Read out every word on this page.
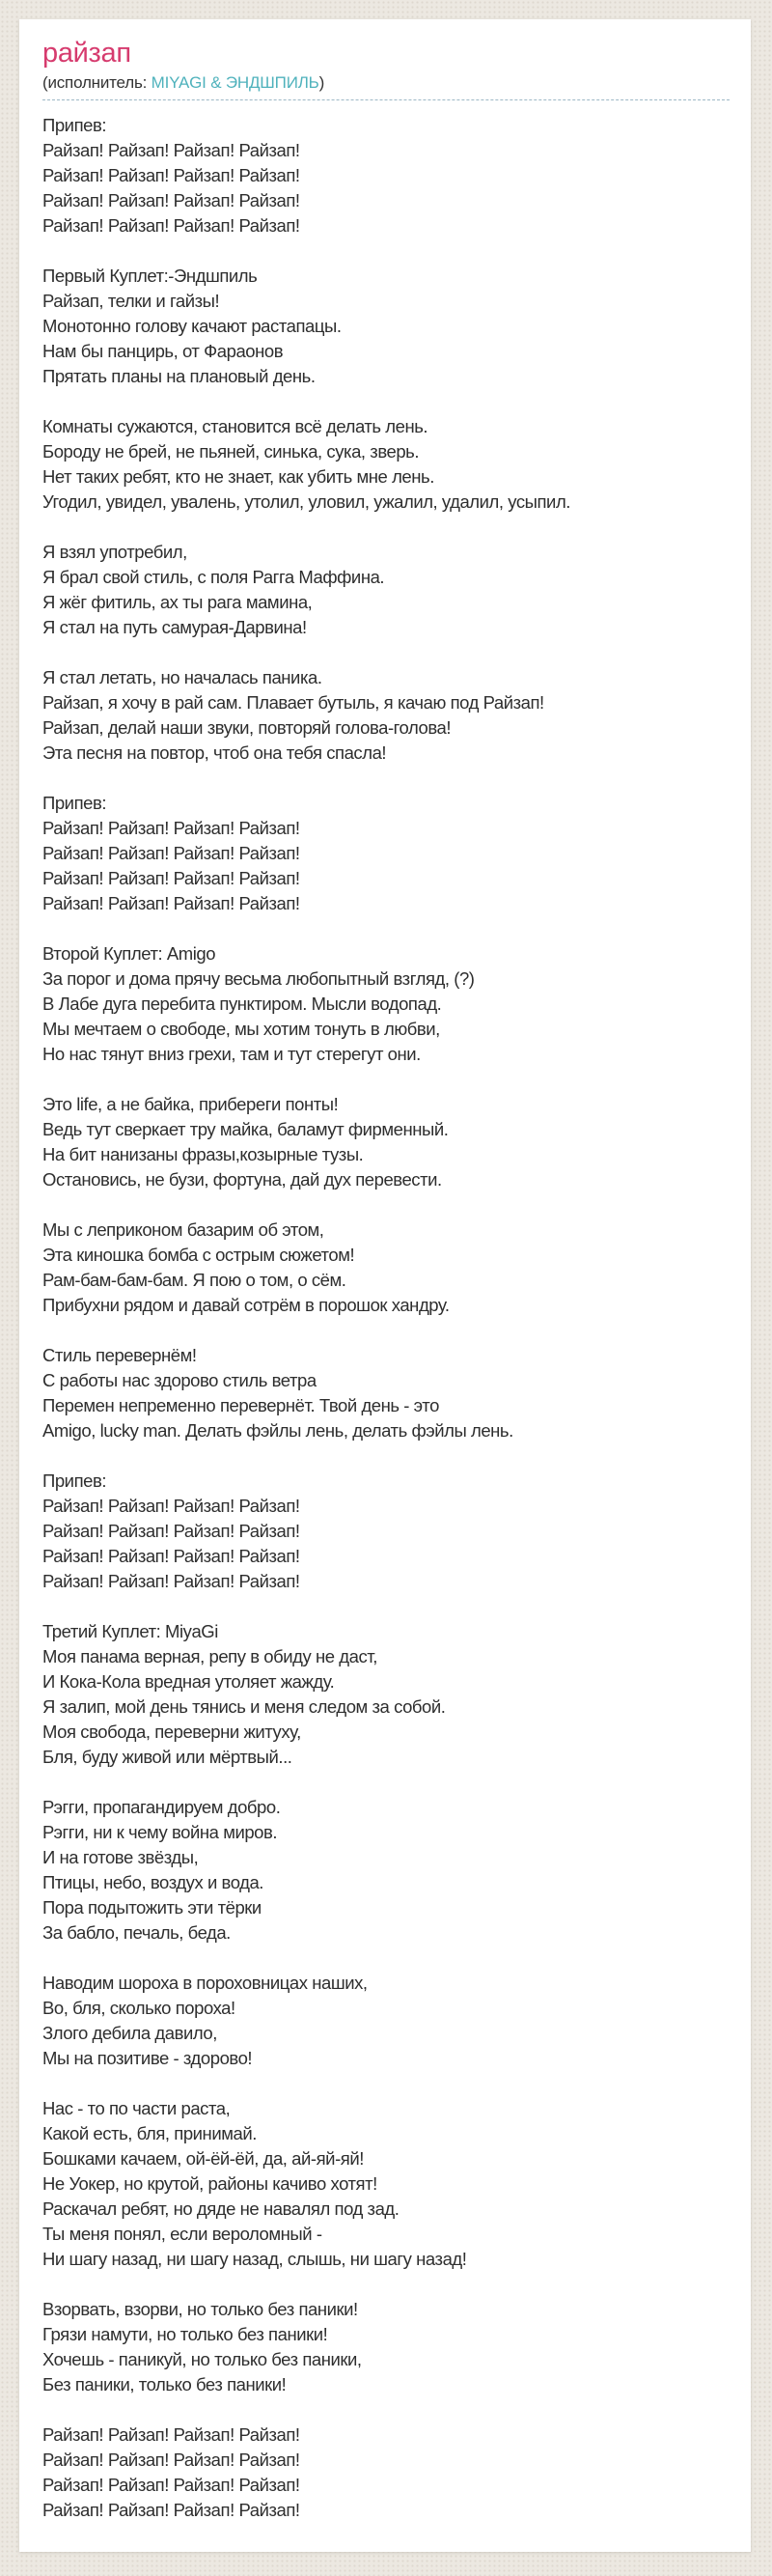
райзап
(исполнитель: MIYAGI & ЭНДШПИЛЬ)
Припев:
Райзап! Райзап! Райзап! Райзап!
Райзап! Райзап! Райзап! Райзап!
Райзап! Райзап! Райзап! Райзап!
Райзап! Райзап! Райзап! Райзап!
Первый Куплет:-Эндшпиль
Райзап, телки и гайзы!
Монотонно голову качают растапацы.
Нам бы панцирь, от Фараонов
Прятать планы на плановый день.
Комнаты сужаются, становится всё делать лень.
Бороду не брей, не пьяней, синька, сука, зверь.
Нет таких ребят, кто не знает, как убить мне лень.
Угодил, увидел, увалень, утолил, уловил, ужалил, удалил, усыпил.
Я взял употребил,
Я брал свой стиль, с поля Рагга Маффина.
Я жёг фитиль, ах ты рага мамина,
Я стал на путь самурая-Дарвина!
Я стал летать, но началась паника.
Райзап, я хочу в рай сам. Плавает бутыль, я качаю под Райзап!
Райзап, делай наши звуки, повторяй голова-голова!
Эта песня на повтор, чтоб она тебя спасла!
Припев:
Райзап! Райзап! Райзап! Райзап!
Райзап! Райзап! Райзап! Райзап!
Райзап! Райзап! Райзап! Райзап!
Райзап! Райзап! Райзап! Райзап!
Второй Куплет: Amigo
За порог и дома прячу весьма любопытный взгляд, (?)
В Лабе дуга перебита пунктиром. Мысли водопад.
Мы мечтаем о свободе, мы хотим тонуть в любви,
Но нас тянут вниз грехи, там и тут стерегут они.
Это life, а не байка, прибереги понты!
Ведь тут сверкает тру майка, баламут фирменный.
На бит нанизаны фразы,козырные тузы.
Остановись, не бузи, фортуна, дай дух перевести.
Мы с леприконом базарим об этом,
Эта киношка бомба с острым сюжетом!
Рам-бам-бам-бам. Я пою о том, о сём.
Прибухни рядом и давай сотрём в порошок хандру.
Стиль перевернём!
С работы нас здорово стиль ветра
Перемен непременно перевернёт. Твой день - это
Amigo, lucky man. Делать фэйлы лень, делать фэйлы лень.
Припев:
Райзап! Райзап! Райзап! Райзап!
Райзап! Райзап! Райзап! Райзап!
Райзап! Райзап! Райзап! Райзап!
Райзап! Райзап! Райзап! Райзап!
Третий Куплет: MiyaGi
Моя панама верная, репу в обиду не даст,
И Кока-Кола вредная утоляет жажду.
Я залип, мой день тянись и меня следом за собой.
Моя свобода, переверни житуху,
Бля, буду живой или мёртвый...
Рэгги, пропагандируем добро.
Рэгги, ни к чему война миров.
И на готове звёзды,
Птицы, небо, воздух и вода.
Пора подытожить эти тёрки
За бабло, печаль, беда.
Наводим шороха в пороховницах наших,
Во, бля, сколько пороха!
Злого дебила давило,
Мы на позитиве - здорово!
Нас - то по части раста,
Какой есть, бля, принимай.
Бошками качаем, ой-ёй-ёй, да, ай-яй-яй!
Не Уокер, но крутой, районы качиво хотят!
Раскачал ребят, но дяде не навалял под зад.
Ты меня понял, если вероломный -
Ни шагу назад, ни шагу назад, слышь, ни шагу назад!
Взорвать, взорви, но только без паники!
Грязи намути, но только без паники!
Хочешь - паникуй, но только без паники,
Без паники, только без паники!
Райзап! Райзап! Райзап! Райзап!
Райзап! Райзап! Райзап! Райзап!
Райзап! Райзап! Райзап! Райзап!
Райзап! Райзап! Райзап! Райзап!
